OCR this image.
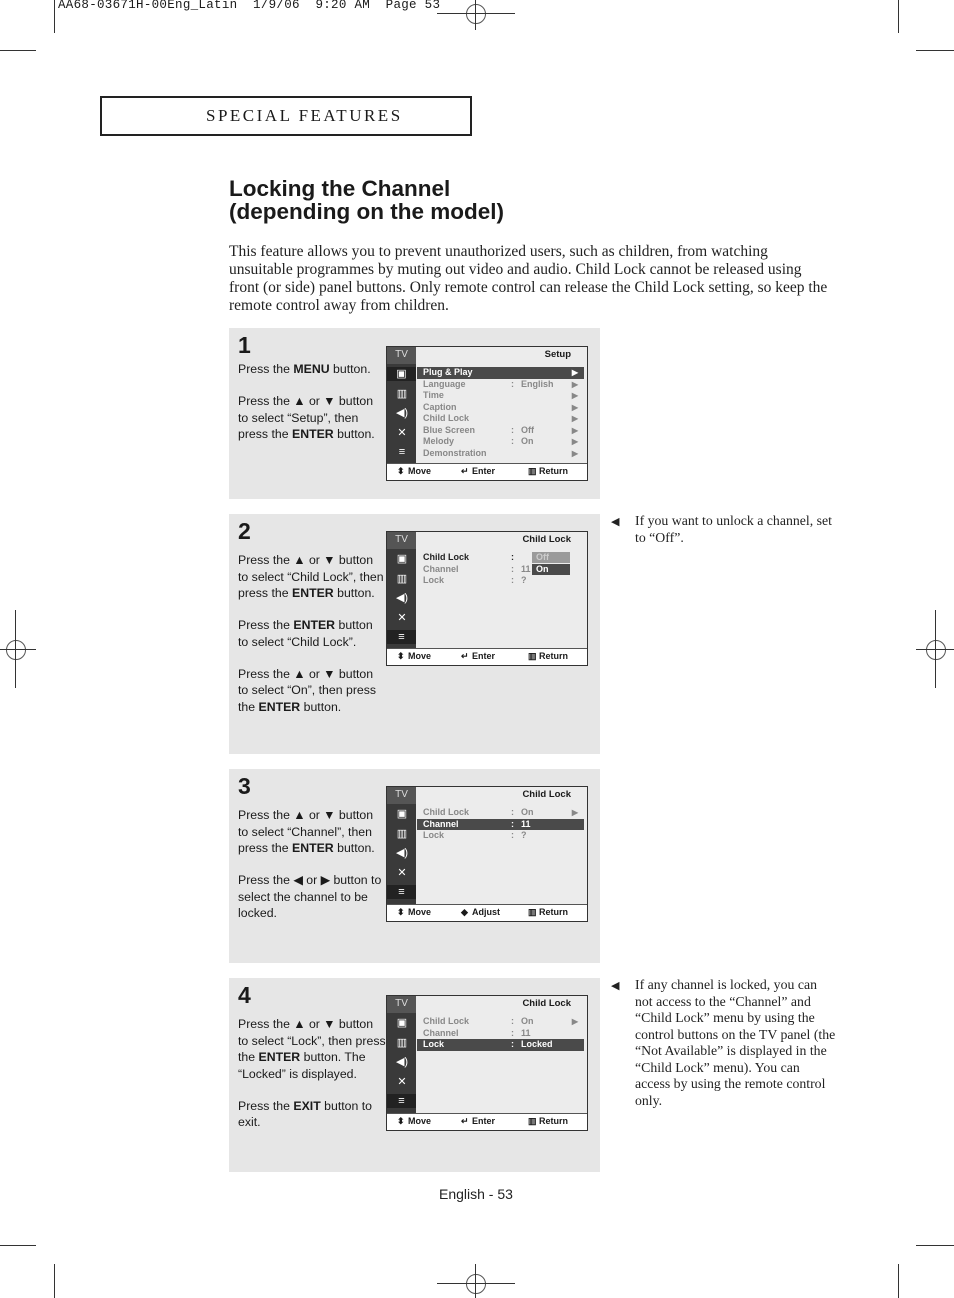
AA68-03671H-00Eng_Latin  1/9/06  9:20 AM  Page 53
SPECIAL FEATURES
Locking the Channel
(depending on the model)
This feature allows you to prevent unauthorized users, such as children, from watching unsuitable programmes by muting out video and audio. Child Lock cannot be released using front (or side) panel buttons. Only remote control can release the Child Lock setting, so keep the remote control away from children.
1

Press the MENU button.

Press the ▲ or ▼ button to select “Setup”, then press the ENTER button.

TV
▣
▥
◀)
✕
≡
Setup
Plug & Play	▶
Language	: English ▶
Time	▶
Caption	▶
Child Lock	▶
Blue Screen	: Off	▶
Melody	: On	▶
Demonstration	▶
⬍ Move	↵ Enter	▥ Return
2

Press the ▲ or ▼ button to select “Child Lock”, then press the ENTER button.

Press the ENTER button to select “Child Lock”.

Press the ▲ or ▼ button to select “On”, then press the ENTER button.

TV
▣
▥
◀)
✕
≡
Child Lock
Child Lock	:
Channel	: 11
Lock	: ?
Off
On
⬍ Move	↵ Enter	▥ Return
3

Press the ▲ or ▼ button to select “Channel”, then press the ENTER button.

Press the ◀ or ▶ button to select the channel to be locked.

TV
▣
▥
◀)
✕
≡
Child Lock
Child Lock	: On	▶
Channel	: 11
Lock	: ?
⬍ Move	◆ Adjust	▥ Return
4

Press the ▲ or ▼ button to select “Lock”, then press the ENTER button. The “Locked” is displayed.

Press the EXIT button to exit.

TV
▣
▥
◀)
✕
≡
Child Lock
Child Lock	: On	▶
Channel	: 11
Lock	: Locked
⬍ Move	↵ Enter	▥ Return
◀ If you want to unlock a channel, set to “Off”.
◀ If any channel is locked, you can not access to the “Channel” and “Child Lock” menu by using the control buttons on the TV panel (the “Not Available” is displayed in the “Child Lock” menu). You can access by using the remote control only.
English - 53
